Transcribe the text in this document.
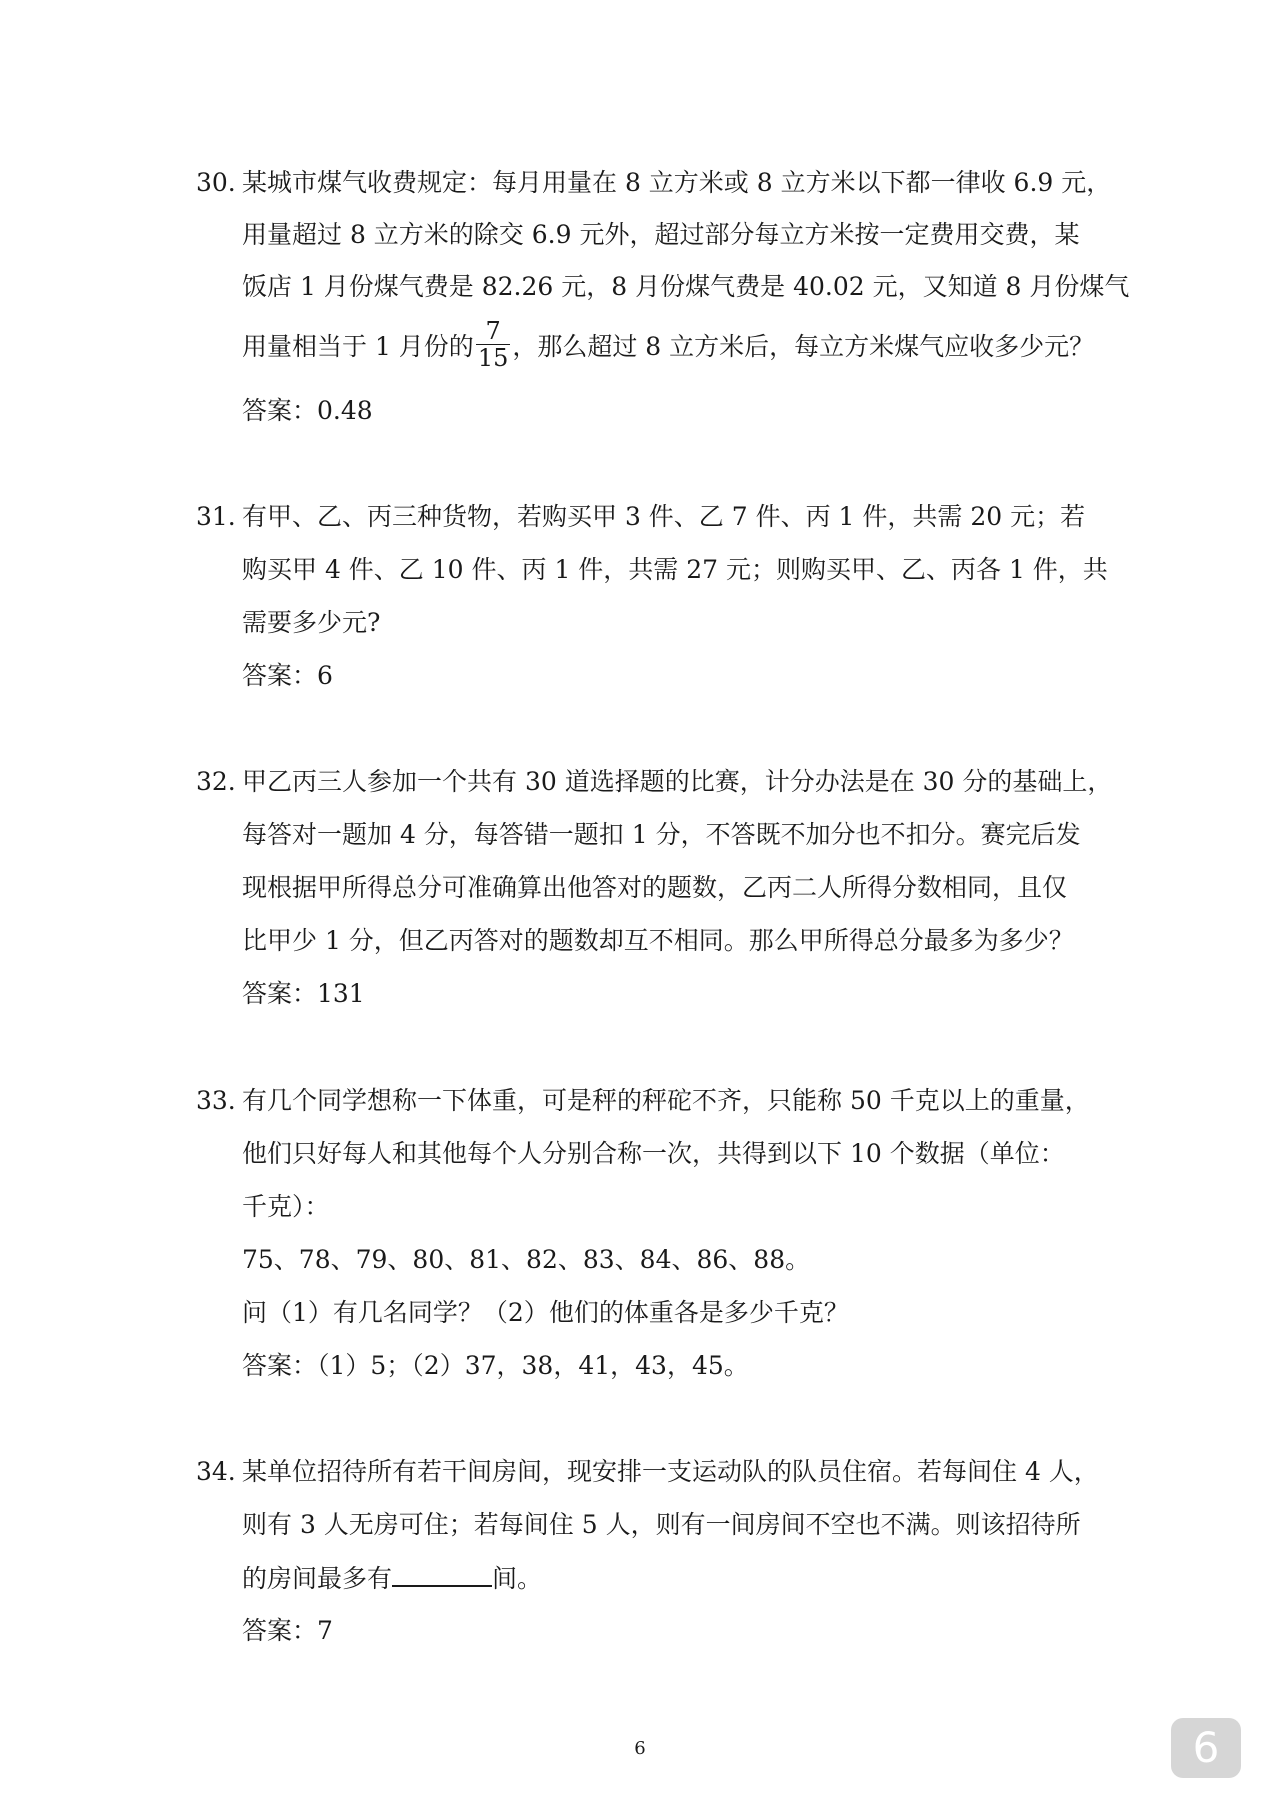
30. 某城市煤气收费规定：每月用量在 8 立方米或 8 立方米以下都一律收 6.9 元，
用量超过 8 立方米的除交 6.9 元外，超过部分每立方米按一定费用交费，某
饭店 1 月份煤气费是 82.26 元，8 月份煤气费是 40.02 元，又知道 8 月份煤气
用量相当于 1 月份的 $\frac{7}{15}$ ，那么超过 8 立方米后，每立方米煤气应收多少元？
答案：0.48
31. 有甲、乙、丙三种货物，若购买甲 3 件、乙 7 件、丙 1 件，共需 20 元；若
购买甲 4 件、乙 10 件、丙 1 件，共需 27 元；则购买甲、乙、丙各 1 件，共
需要多少元?
答案：6
32. 甲乙丙三人参加一个共有 30 道选择题的比赛，计分办法是在 30 分的基础上，
每答对一题加 4 分，每答错一题扣 1 分，不答既不加分也不扣分。赛完后发
现根据甲所得总分可准确算出他答对的题数，乙丙二人所得分数相同，且仅
比甲少 1 分，但乙丙答对的题数却互不相同。那么甲所得总分最多为多少？
答案：131
33. 有几个同学想称一下体重，可是秤的秤砣不齐，只能称 50 千克以上的重量，
他们只好每人和其他每个人分别合称一次，共得到以下 10 个数据（单位：
千克）：
75、78、79、80、81、82、83、84、86、88。
问（1）有几名同学？（2）他们的体重各是多少千克？
答案：（1）5；（2）37，38，41，43，45。
34. 某单位招待所有若干间房间，现安排一支运动队的队员住宿。若每间住 4 人，
则有 3 人无房可住；若每间住 5 人，则有一间房间不空也不满。则该招待所
的房间最多有	间。
答案：7
6	6
